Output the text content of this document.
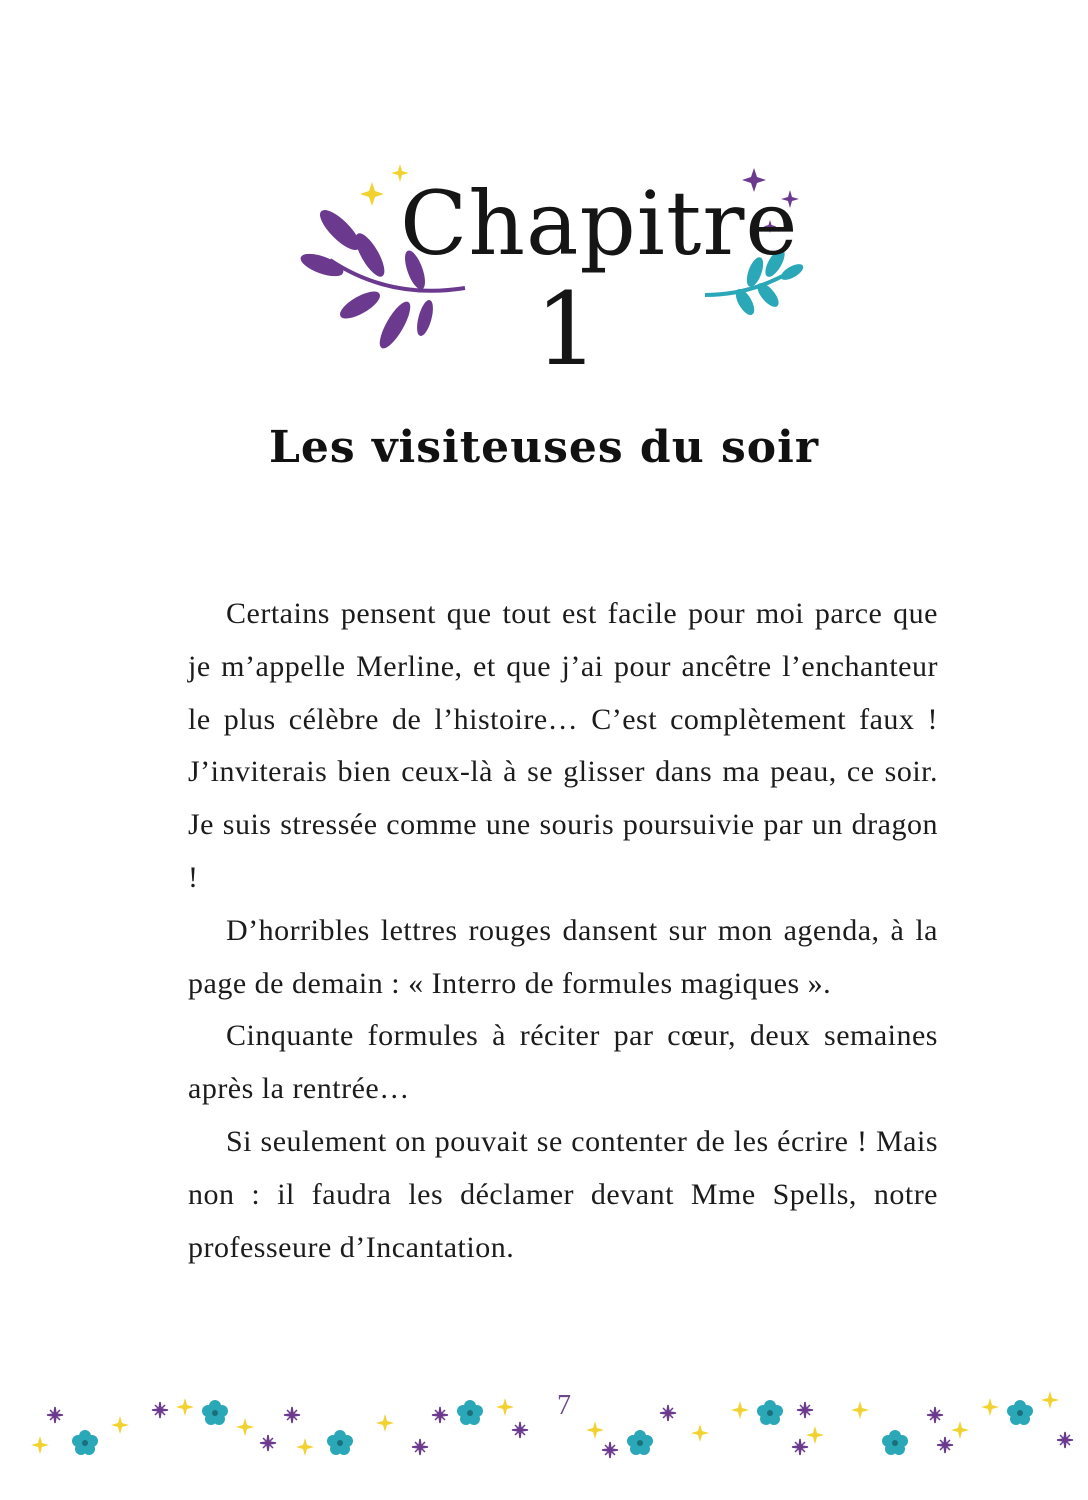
Chapitre
1
Les visiteuses du soir

Certains pensent que tout est facile pour moi parce que je m’appelle Merline, et que j’ai pour ancêtre l’enchanteur le plus célèbre de l’histoire… C’est complètement faux ! J’inviterais bien ceux-là à se glisser dans ma peau, ce soir. Je suis stressée comme une souris poursuivie par un dragon !

D’horribles lettres rouges dansent sur mon agenda, à la page de demain : « Interro de formules magiques ».

Cinquante formules à réciter par cœur, deux semaines après la rentrée…

Si seulement on pouvait se contenter de les écrire ! Mais non : il faudra les déclamer devant Mme Spells, notre professeure d’Incantation.

7
